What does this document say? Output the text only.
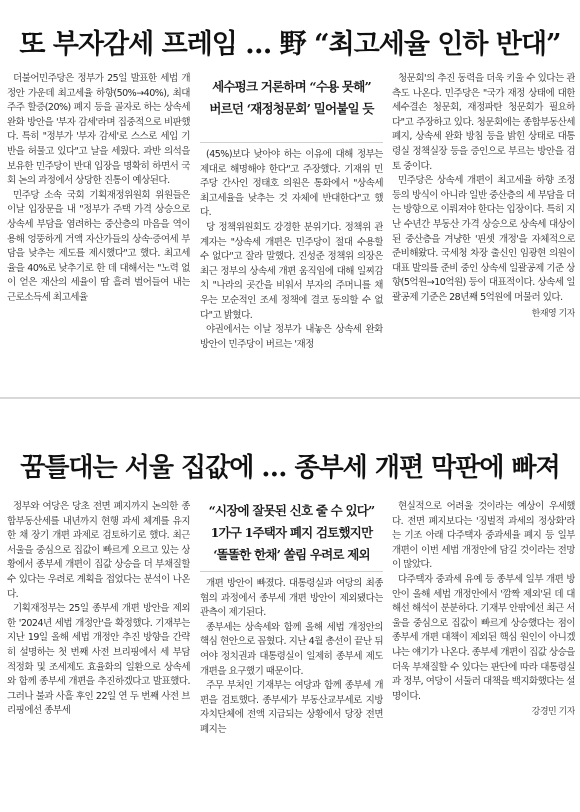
또 부자감세 프레임 … 野 “최고세율 인하 반대”

더불어민주당은 정부가 25일 발표한 세법 개정안 가운데 최고세율 하향(50%→40%), 최대주주 할증(20%) 폐지 등을 골자로 하는 상속세 완화 방안을 '부자 감세'라며 집중적으로 비판했다. 특히 "정부가 '부자 감세'로 스스로 세입 기반을 허물고 있다"고 날을 세웠다. 과반 의석을 보유한 민주당이 반대 입장을 명확히 하면서 국회 논의 과정에서 상당한 진통이 예상된다.

민주당 소속 국회 기획재정위원회 위원들은 이날 입장문을 내 "정부가 주택 가격 상승으로 상속세 부담을 염려하는 중산층의 마음을 역이용해 엉뚱하게 거액 자산가들의 상속·증여세 부담을 낮추는 제도를 제시했다"고 했다. 최고세율을 40%로 낮추기로 한 데 대해서는 "노력 없이 얻은 재산의 세율이 땀 흘려 벌어들여 내는 근로소득세 최고세율

세수펑크 거론하며 “수용 못해”
버르던 ‘재정청문회’ 밀어붙일 듯

(45%)보다 낮아야 하는 이유에 대해 정부는 제대로 해명해야 한다"고 주장했다. 기재위 민주당 간사인 정태호 의원은 통화에서 "상속세 최고세율을 낮추는 것 자체에 반대한다"고 했다.

당 정책위원회도 강경한 분위기다. 정책위 관계자는 "상속세 개편은 민주당이 절대 수용할 수 없다"고 잘라 말했다. 진성준 정책위 의장은 최근 정부의 상속세 개편 움직임에 대해 일찌감치 "나라의 곳간을 비워서 부자의 주머니를 채우는 모순적인 조세 정책에 결코 동의할 수 없다"고 밝혔다.

야권에서는 이날 정부가 내놓은 상속세 완화 방안이 민주당이 버르는 '재정

청문회'의 추진 동력을 더욱 키울 수 있다는 관측도 나온다. 민주당은 "국가 재정 상태에 대한 세수결손 청문회, 재정파탄 청문회가 필요하다"고 주장하고 있다. 청문회에는 종합부동산세 폐지, 상속세 완화 방침 등을 밝힌 상태로 대통령실 정책실장 등을 증인으로 부르는 방안을 검토 중이다.

민주당은 상속세 개편이 최고세율 하향 조정 등의 방식이 아니라 일반 중산층의 세 부담을 더는 방향으로 이뤄져야 한다는 입장이다. 특히 지난 수년간 부동산 가격 상승으로 상속세 대상이 된 중산층을 겨냥한 '핀셋 개정'을 자체적으로 준비해왔다. 국세청 차장 출신인 임광현 의원이 대표 발의를 준비 중인 상속세 일괄공제 기준 상향(5억원→10억원) 등이 대표적이다. 상속세 일괄공제 기준은 28년째 5억원에 머물러 있다.

한재영 기자
꿈틀대는 서울 집값에 … 종부세 개편 막판에 빠져

정부와 여당은 당초 전면 폐지까지 논의한 종합부동산세를 내년까지 현행 과세 체계를 유지한 채 장기 개편 과제로 검토하기로 했다. 최근 서울을 중심으로 집값이 빠르게 오르고 있는 상황에서 종부세 개편이 집값 상승을 더 부채질할 수 있다는 우려로 계획을 접었다는 분석이 나온다.

기획재정부는 25일 종부세 개편 방안을 제외한 '2024년 세법 개정안'을 확정했다. 기재부는 지난 19일 올해 세법 개정안 추진 방향을 간략히 설명하는 첫 번째 사전 브리핑에서 세 부담 적정화 및 조세제도 효율화의 일환으로 상속세와 함께 종부세 개편을 추진하겠다고 발표했다. 그러나 불과 사흘 후인 22일 연 두 번째 사전 브리핑에선 종부세

“시장에 잘못된 신호 줄 수 있다”
1가구 1주택자 폐지 검토했지만
‘똘똘한 한채’ 쏠림 우려로 제외

개편 방안이 빠졌다. 대통령실과 여당의 최종 협의 과정에서 종부세 개편 방안이 제외됐다는 관측이 제기된다.

종부세는 상속세와 함께 올해 세법 개정안의 핵심 현안으로 꼽혔다. 지난 4월 총선이 끝난 뒤 여야 정치권과 대통령실이 일제히 종부세 제도 개편을 요구했기 때문이다.

주무 부처인 기재부는 여당과 함께 종부세 개편을 검토했다. 종부세가 부동산교부세로 지방자치단체에 전액 지급되는 상황에서 당장 전면 폐지는

현실적으로 어려울 것이라는 예상이 우세했다. 전면 폐지보다는 '징벌적 과세의 정상화'라는 기조 아래 다주택자 중과세율 폐지 등 일부 개편이 이번 세법 개정안에 담길 것이라는 전망이 많았다.

다주택자 중과세 유예 등 종부세 일부 개편 방안이 올해 세법 개정안에서 '깜짝 제외'된 데 대해선 해석이 분분하다. 기재부 안팎에선 최근 서울을 중심으로 집값이 빠르게 상승했다는 점이 종부세 개편 대책이 제외된 핵심 원인이 아니겠냐는 얘기가 나온다. 종부세 개편이 집값 상승을 더욱 부채질할 수 있다는 판단에 따라 대통령실과 정부, 여당이 서둘러 대책을 백지화했다는 설명이다.

강경민 기자
